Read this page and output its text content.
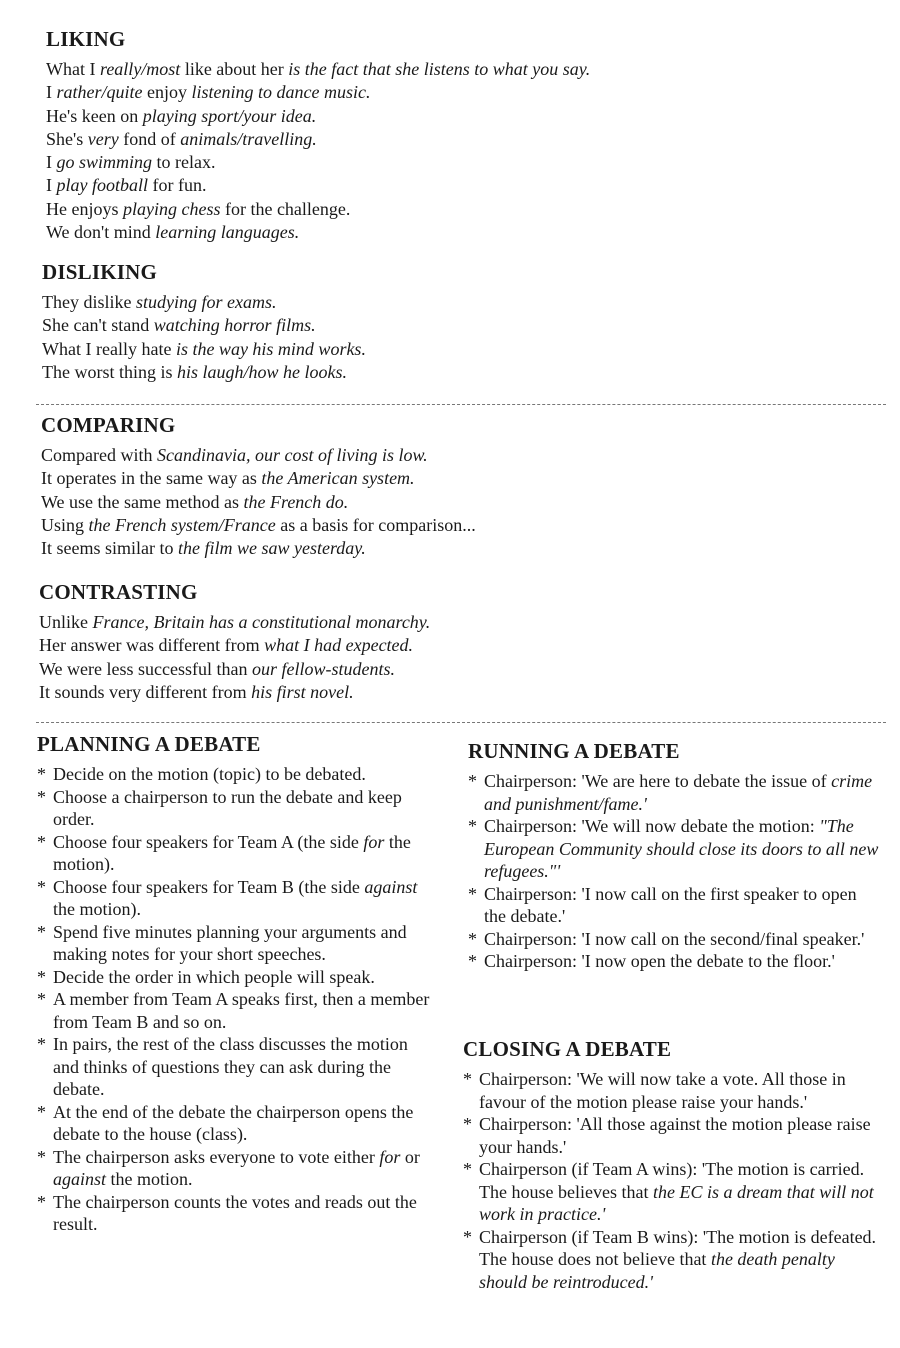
LIKING
What I really/most like about her is the fact that she listens to what you say.
I rather/quite enjoy listening to dance music.
He's keen on playing sport/your idea.
She's very fond of animals/travelling.
I go swimming to relax.
I play football for fun.
He enjoys playing chess for the challenge.
We don't mind learning languages.
DISLIKING
They dislike studying for exams.
She can't stand watching horror films.
What I really hate is the way his mind works.
The worst thing is his laugh/how he looks.
COMPARING
Compared with Scandinavia, our cost of living is low.
It operates in the same way as the American system.
We use the same method as the French do.
Using the French system/France as a basis for comparison...
It seems similar to the film we saw yesterday.
CONTRASTING
Unlike France, Britain has a constitutional monarchy.
Her answer was different from what I had expected.
We were less successful than our fellow-students.
It sounds very different from his first novel.
PLANNING A DEBATE
* Decide on the motion (topic) to be debated.
* Choose a chairperson to run the debate and keep order.
* Choose four speakers for Team A (the side for the motion).
* Choose four speakers for Team B (the side against the motion).
* Spend five minutes planning your arguments and making notes for your short speeches.
* Decide the order in which people will speak.
* A member from Team A speaks first, then a member from Team B and so on.
* In pairs, the rest of the class discusses the motion and thinks of questions they can ask during the debate.
* At the end of the debate the chairperson opens the debate to the house (class).
* The chairperson asks everyone to vote either for or against the motion.
* The chairperson counts the votes and reads out the result.
RUNNING A DEBATE
* Chairperson: 'We are here to debate the issue of crime and punishment/fame.'
* Chairperson: 'We will now debate the motion: "The European Community should close its doors to all new refugees."'
* Chairperson: 'I now call on the first speaker to open the debate.'
* Chairperson: 'I now call on the second/final speaker.'
* Chairperson: 'I now open the debate to the floor.'
CLOSING A DEBATE
* Chairperson: 'We will now take a vote. All those in favour of the motion please raise your hands.'
* Chairperson: 'All those against the motion please raise your hands.'
* Chairperson (if Team A wins): 'The motion is carried. The house believes that the EC is a dream that will not work in practice.'
* Chairperson (if Team B wins): 'The motion is defeated. The house does not believe that the death penalty should be reintroduced.'
